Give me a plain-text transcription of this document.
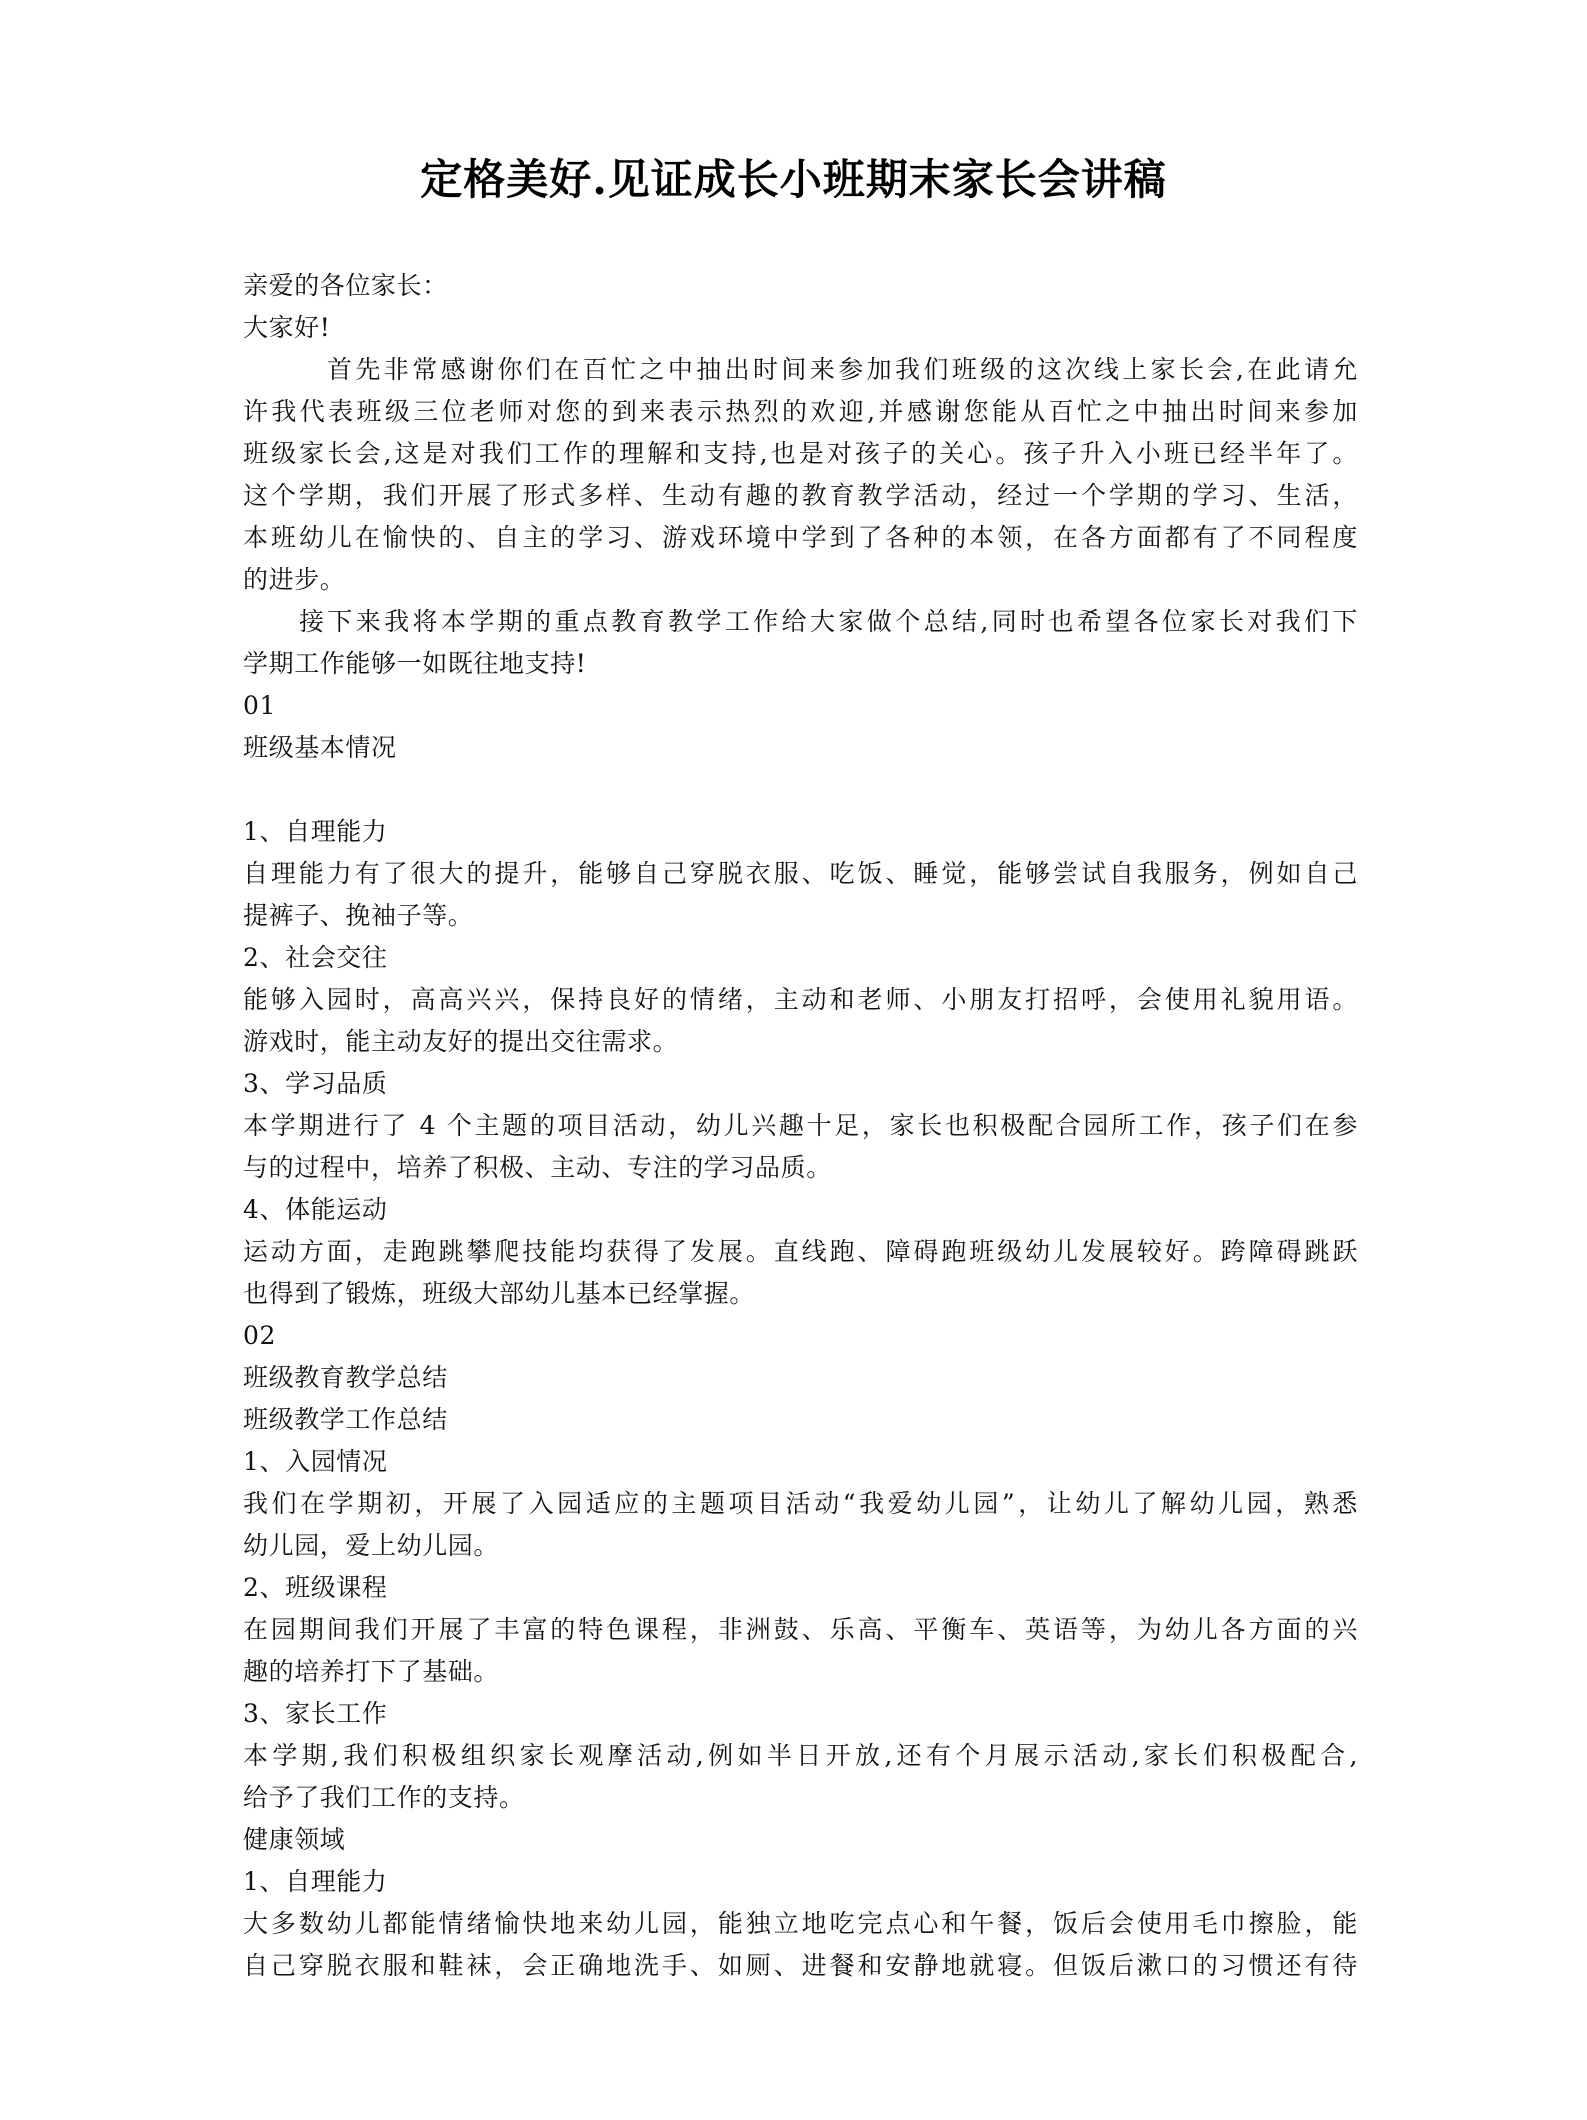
定格美好.见证成长小班期末家长会讲稿
亲爱的各位家长：
大家好!
首先非常感谢你们在百忙之中抽出时间来参加我们班级的这次线上家长会,在此请允
许我代表班级三位老师对您的到来表示热烈的欢迎,并感谢您能从百忙之中抽出时间来参加
班级家长会,这是对我们工作的理解和支持,也是对孩子的关心。孩子升入小班已经半年了。
这个学期，我们开展了形式多样、生动有趣的教育教学活动，经过一个学期的学习、生活，
本班幼儿在愉快的、自主的学习、游戏环境中学到了各种的本领，在各方面都有了不同程度
的进步。
接下来我将本学期的重点教育教学工作给大家做个总结,同时也希望各位家长对我们下
学期工作能够一如既往地支持!
01
班级基本情况
1、自理能力
自理能力有了很大的提升，能够自己穿脱衣服、吃饭、睡觉，能够尝试自我服务，例如自己
提裤子、挽袖子等。
2、社会交往
能够入园时，高高兴兴，保持良好的情绪，主动和老师、小朋友打招呼，会使用礼貌用语。
游戏时，能主动友好的提出交往需求。
3、学习品质
本学期进行了 4 个主题的项目活动，幼儿兴趣十足，家长也积极配合园所工作，孩子们在参
与的过程中，培养了积极、主动、专注的学习品质。
4、体能运动
运动方面，走跑跳攀爬技能均获得了发展。直线跑、障碍跑班级幼儿发展较好。跨障碍跳跃
也得到了锻炼，班级大部幼儿基本已经掌握。
02
班级教育教学总结
班级教学工作总结
1、入园情况
我们在学期初，开展了入园适应的主题项目活动“我爱幼儿园”，让幼儿了解幼儿园，熟悉
幼儿园，爱上幼儿园。
2、班级课程
在园期间我们开展了丰富的特色课程，非洲鼓、乐高、平衡车、英语等，为幼儿各方面的兴
趣的培养打下了基础。
3、家长工作
本学期,我们积极组织家长观摩活动,例如半日开放,还有个月展示活动,家长们积极配合,
给予了我们工作的支持。
健康领域
1、自理能力
大多数幼儿都能情绪愉快地来幼儿园，能独立地吃完点心和午餐，饭后会使用毛巾擦脸，能
自己穿脱衣服和鞋袜，会正确地洗手、如厕、进餐和安静地就寝。但饭后漱口的习惯还有待
